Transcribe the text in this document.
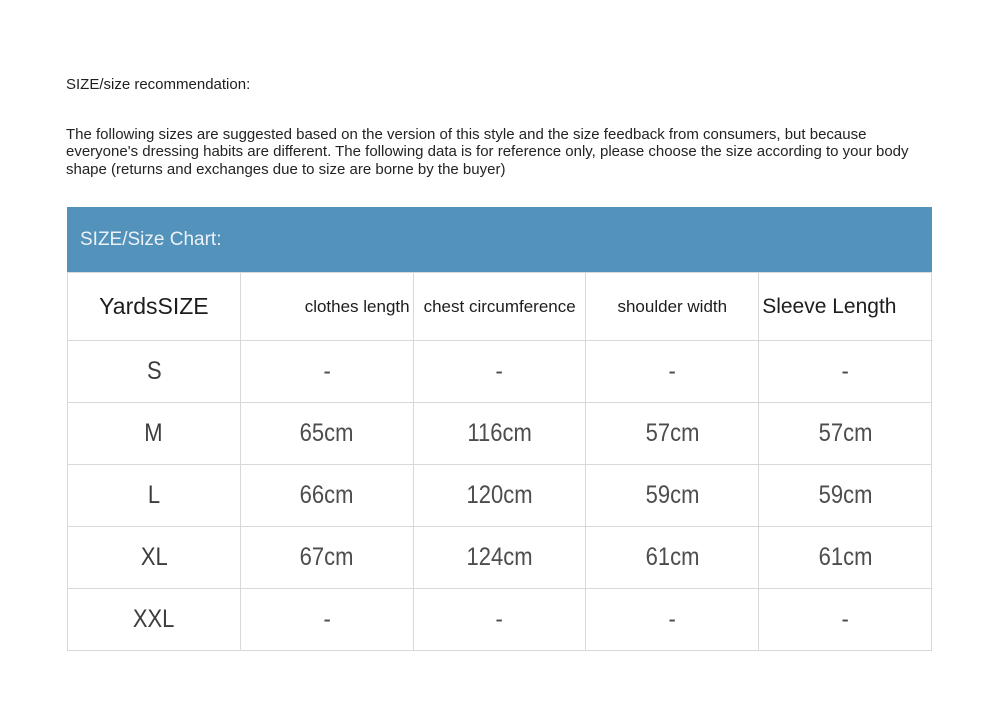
SIZE/size recommendation:

The following sizes are suggested based on the version of this style and the size feedback from consumers, but because everyone's dressing habits are different. The following data is for reference only, please choose the size according to your body shape (returns and exchanges due to size are borne by the buyer)

SIZE/Size Chart:
YardsSIZE	clothes length	chest circumference	shoulder width	Sleeve Length
S	-	-	-	-
M	65cm	116cm	57cm	57cm
L	66cm	120cm	59cm	59cm
XL	67cm	124cm	61cm	61cm
XXL	-	-	-	-
